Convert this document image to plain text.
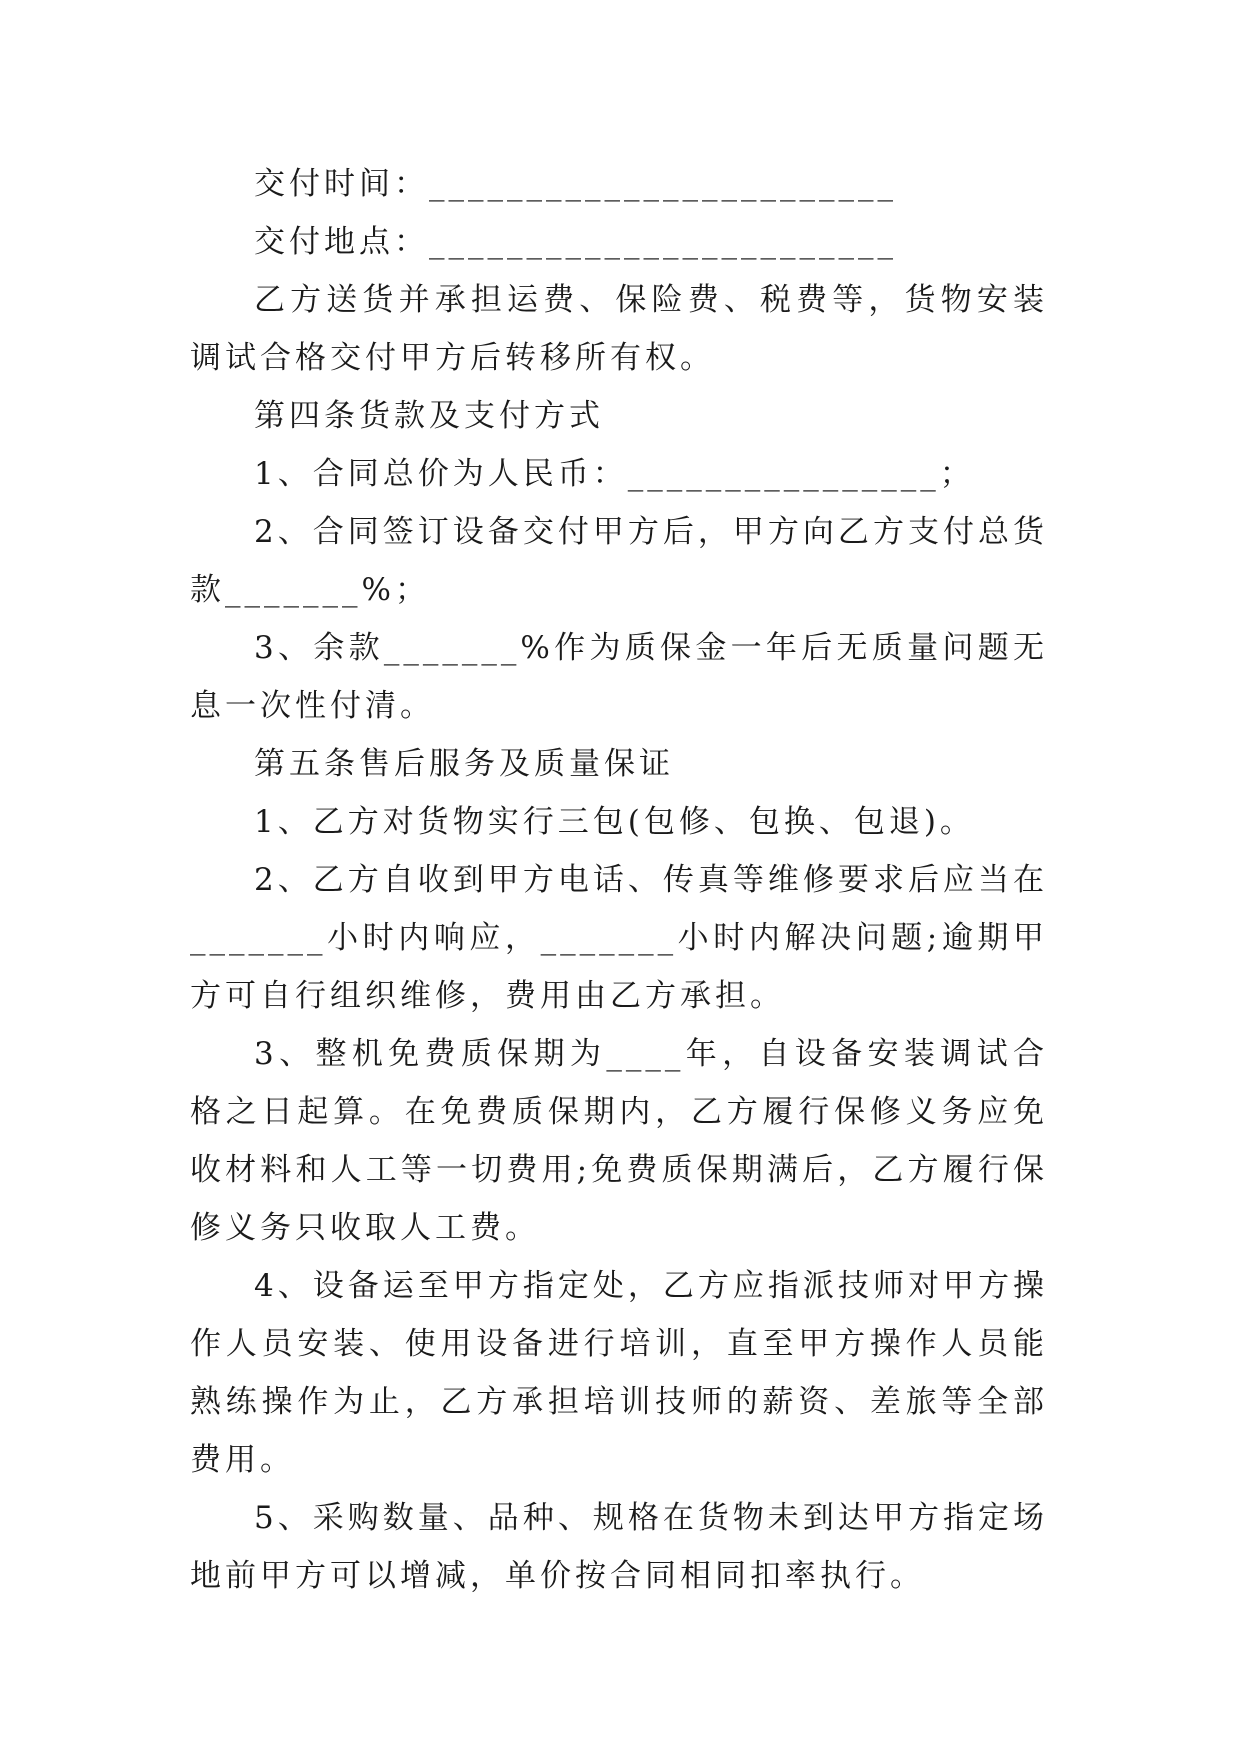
交付时间：________________________

交付地点：________________________

乙方送货并承担运费、保险费、税费等，货物安装调试合格交付甲方后转移所有权。

第四条货款及支付方式

1、合同总价为人民币：________________；

2、合同签订设备交付甲方后，甲方向乙方支付总货款_______%；

3、余款_______%作为质保金一年后无质量问题无息一次性付清。

第五条售后服务及质量保证

1、乙方对货物实行三包(包修、包换、包退)。

2、乙方自收到甲方电话、传真等维修要求后应当在_______小时内响应，_______小时内解决问题;逾期甲方可自行组织维修，费用由乙方承担。

3、整机免费质保期为____年，自设备安装调试合格之日起算。在免费质保期内，乙方履行保修义务应免收材料和人工等一切费用;免费质保期满后，乙方履行保修义务只收取人工费。

4、设备运至甲方指定处，乙方应指派技师对甲方操作人员安装、使用设备进行培训，直至甲方操作人员能熟练操作为止，乙方承担培训技师的薪资、差旅等全部费用。

5、采购数量、品种、规格在货物未到达甲方指定场地前甲方可以增减，单价按合同相同扣率执行。
